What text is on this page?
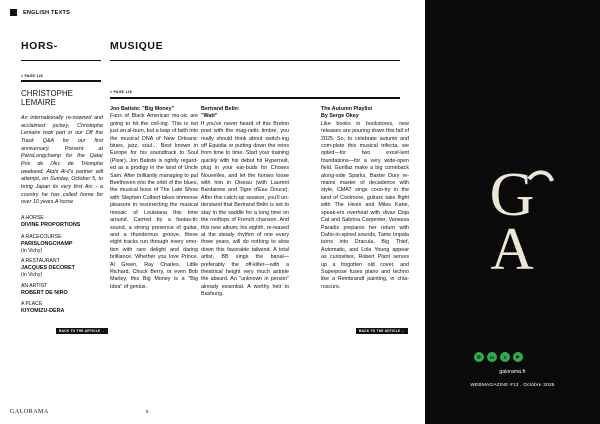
ENGLISH TEXTS
HORS-	MUSIQUE
> PAGE 126
> PAGE 126
CHRISTOPHE
LEMAIRE
An internationally re-nowned and acclaimed jockey, Christophe Lemaire took part in our Off the Track Q&A for our first anniversary. Present at ParisLongchamp for the Qatar Prix de l'Arc de Triomphe weekend, Alohi Al-ii's partner will attempt, on Sunday, October 5, to bring Japan its very first Arc - a country he has called home for over 10 years.A horse
A HORSE
DIVINE PROPORTIONS
A RACECOURSE
PARISLONGCHAMP
(in Vichy)
A RESTAURANT
JACQUES DECORET
(in Vichy)
AN ARTIST
ROBERT DE NIRO
A PLACE
KIYOMIZU-DERA
BACK TO THE ARTICLE →
Jon Batiste: "Big Money"
Fans of Black American mu-sic are going to hit the ceil-ing. This is not just an al-bum, but a leap of faith into the musical DNA of New Orleans: blues, jazz, soul… Best known in Europe for his soundtrack to Soul (Pixar), Jon Batiste is rightly regard-ed as a prodigy in the land of Uncle Sam. After brilliantly managing to put Beethoven into the orbit of the blues, the musical boss of The Late Show with Stephen Colbert takes immense pleasure in resurrecting the musical mosaic of Louisiana this time around. Carried by a fantas-tic sound, a strong presence of guitar, and a thunderous groove, these eight tracks run through every emo-tion with rare delight and daring brilliance. Whether you love Prince, Al Green, Ray Charles, Little Richard, Chuck Berry, or even Bob Marley, this Big Money is a "Big Idea" of genius.
Bertrand Belin:
"Watt"
If you've never heard of this Breton poet with the mag-netic timbre, you really should think about switch-ing off Equidia or putting down the reins from time to time. Start your training quickly with his debut hit Hypernuit, plug in your ear-buds for Choses Nouvelles, and let the horses loose with him in Oiseau (with Laurent Bardainne and Tigre d'Eau Douce). After this catch-up session, you'll un-derstand that Bertrand Belin is set to stay in the saddle for a long time on the rooftops of French chanson. And this new album, his eighth, re-leased at the steady rhythm of one every three years, will do nothing to slow down this favorable tailwind. A total artist, BB sings the banal—preferably the off-kilter—with a theatrical height very much astride the absurd. An "unknown in person" already essential. A worthy heir to Bashung.
The Autumn Playlist
By Serge Okey
Like books in bookstores, new releases are pouring down this fall of 2025. So, to celebrate autumn and com-plete this musical trifecta, we opted—for two excel-lent foundations—for a very wide-open field. Gorillaz make a big comeback along-side Sparks, Baxter Dury re-mains master of decadence with style, CMAT sings coun-try in the land of Coolmore, guitars take flight with The Hives and Miles Kane, speak-ers overheat with divas Doja Cat and Sabrina Carpenter, Vanessa Paradis prepares her return with Daho-in-spired sounds, Tame Impala turns into Dracula, Big Thief, Automatic, and Lola Young appear as curiosities, Robert Plant serves up a forgotten old cover, and Superpose fuses piano and techno like a Rembrandt painting, in chia-roscuro.
BACK TO THE ARTICLE →
GALORAMA	8
G
A
◎	in	X	▶
galorama.fr
WEBMAGAZINE #13 . Octobre 2025
